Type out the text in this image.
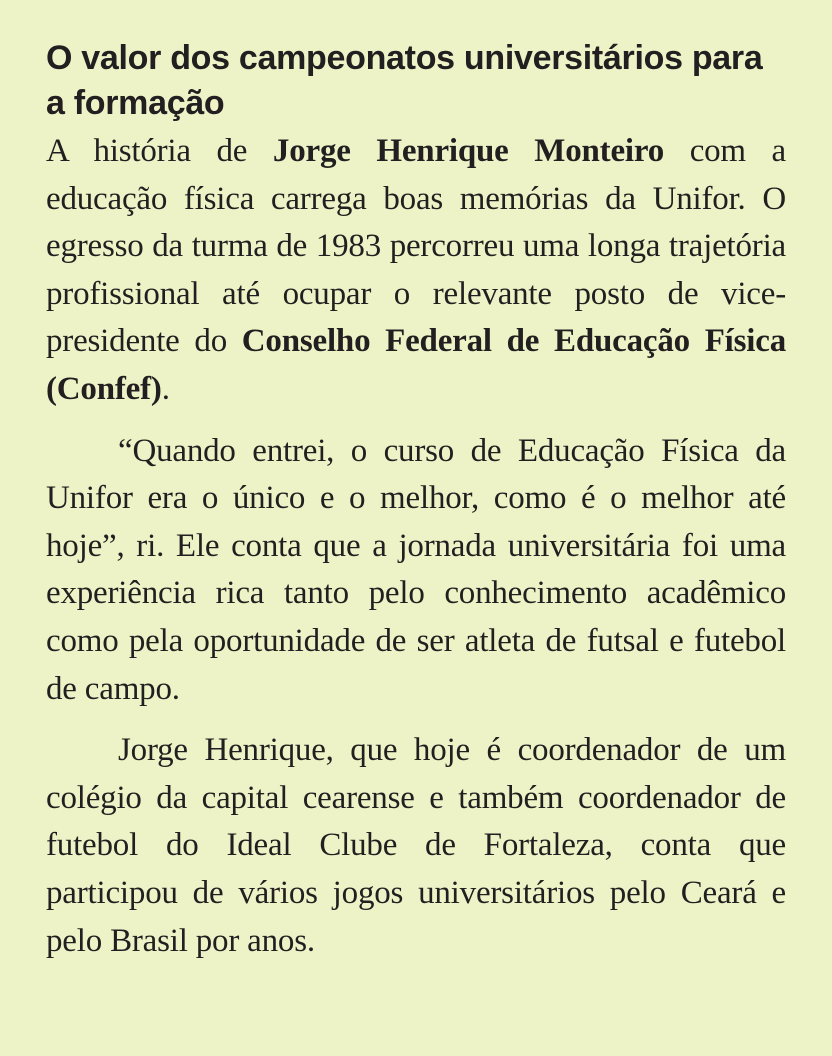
O valor dos campeonatos universitários para a formação

A história de Jorge Henrique Monteiro com a educação física carrega boas memórias da Unifor. O egresso da turma de 1983 percorreu uma longa trajetória profissional até ocupar o relevante posto de vice-presidente do Conselho Federal de Educação Física (Confef).

“Quando entrei, o curso de Educação Física da Unifor era o único e o melhor, como é o melhor até hoje”, ri. Ele conta que a jornada universitária foi uma experiência rica tanto pelo conhecimento acadêmico como pela oportunidade de ser atleta de futsal e futebol de campo.

Jorge Henrique, que hoje é coordenador de um colégio da capital cearense e também coordenador de futebol do Ideal Clube de Fortaleza, conta que participou de vários jogos universitários pelo Ceará e pelo Brasil por anos.
